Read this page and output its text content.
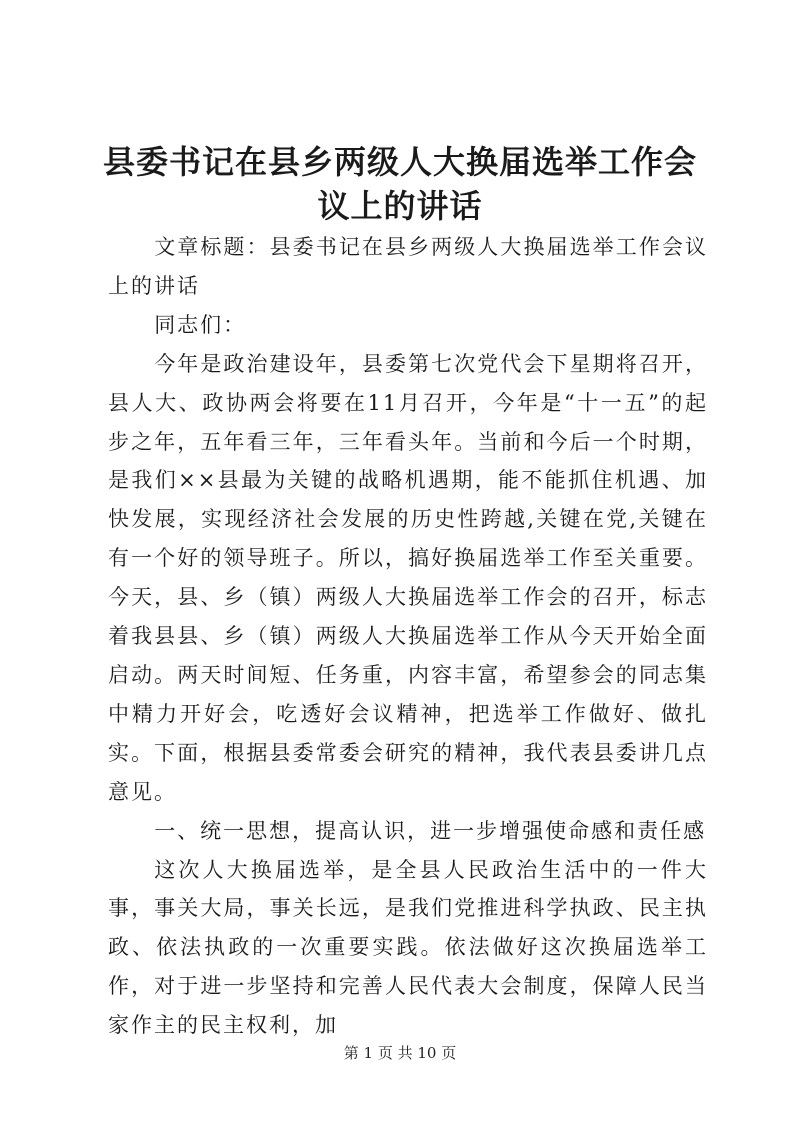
县委书记在县乡两级人大换届选举工作会议上的讲话

文章标题：县委书记在县乡两级人大换届选举工作会议上的讲话

同志们：

今年是政治建设年，县委第七次党代会下星期将召开，县人大、政协两会将要在11月召开，今年是“十一五”的起步之年，五年看三年，三年看头年。当前和今后一个时期，是我们××县最为关键的战略机遇期，能不能抓住机遇、加快发展，实现经济社会发展的历史性跨越,关键在党,关键在有一个好的领导班子。所以，搞好换届选举工作至关重要。今天，县、乡（镇）两级人大换届选举工作会的召开，标志着我县县、乡（镇）两级人大换届选举工作从今天开始全面启动。两天时间短、任务重，内容丰富，希望参会的同志集中精力开好会，吃透好会议精神，把选举工作做好、做扎实。下面，根据县委常委会研究的精神，我代表县委讲几点意见。

一、统一思想，提高认识，进一步增强使命感和责任感

这次人大换届选举，是全县人民政治生活中的一件大事，事关大局，事关长远，是我们党推进科学执政、民主执政、依法执政的一次重要实践。依法做好这次换届选举工作，对于进一步坚持和完善人民代表大会制度，保障人民当家作主的民主权利，加

第 1 页 共 10 页
